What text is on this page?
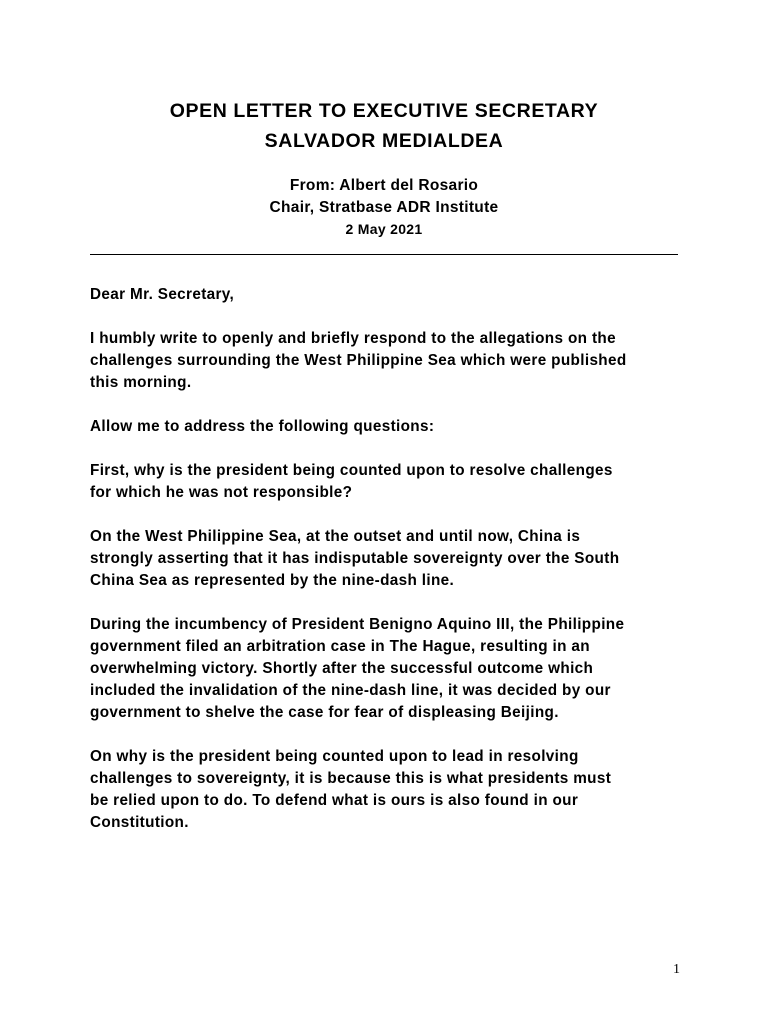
OPEN LETTER TO EXECUTIVE SECRETARY
SALVADOR MEDIALDEA
From: Albert del Rosario
Chair, Stratbase ADR Institute
2 May 2021

Dear Mr. Secretary,

I humbly write to openly and briefly respond to the allegations on the
challenges surrounding the West Philippine Sea which were published
this morning.

Allow me to address the following questions:

First, why is the president being counted upon to resolve challenges
for which he was not responsible?

On the West Philippine Sea, at the outset and until now, China is
strongly asserting that it has indisputable sovereignty over the South
China Sea as represented by the nine-dash line.

During the incumbency of President Benigno Aquino III, the Philippine
government filed an arbitration case in The Hague, resulting in an
overwhelming victory. Shortly after the successful outcome which
included the invalidation of the nine-dash line, it was decided by our
government to shelve the case for fear of displeasing Beijing.

On why is the president being counted upon to lead in resolving
challenges to sovereignty, it is because this is what presidents must
be relied upon to do. To defend what is ours is also found in our
Constitution.

1
